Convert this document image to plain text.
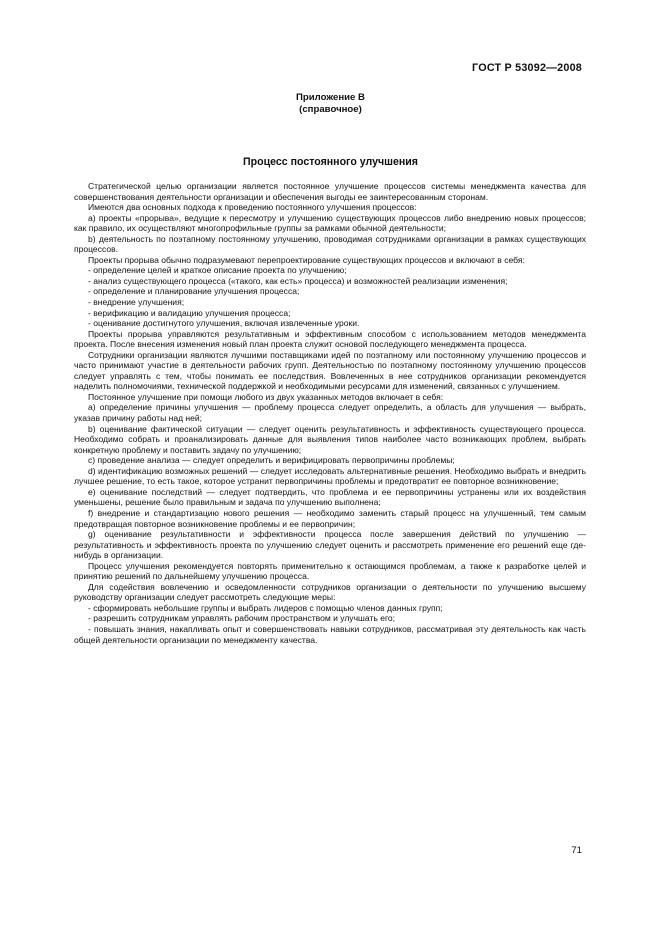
ГОСТ Р 53092—2008
Приложение В
(справочное)
Процесс постоянного улучшения

Стратегической целью организации является постоянное улучшение процессов системы менеджмента качества для совершенствования деятельности организации и обеспечения выгоды ее заинтересованным сторонам.

Имеются два основных подхода к проведению постоянного улучшения процессов:

a) проекты «прорыва», ведущие к пересмотру и улучшению существующих процессов либо внедрению новых процессов; как правило, их осуществляют многопрофильные группы за рамками обычной деятельности;

b) деятельность по поэтапному постоянному улучшению, проводимая сотрудниками организации в рамках существующих процессов.

Проекты прорыва обычно подразумевают перепроектирование существующих процессов и включают в себя:

- определение целей и краткое описание проекта по улучшению;

- анализ существующего процесса («такого, как есть» процесса) и возможностей реализации изменения;

- определение и планирование улучшения процесса;

- внедрение улучшения;

- верификацию и валидацию улучшения процесса;

- оценивание достигнутого улучшения, включая извлеченные уроки.

Проекты прорыва управляются результативным и эффективным способом с использованием методов менеджмента проекта. После внесения изменения новый план проекта служит основой последующего менеджмента процесса.

Сотрудники организации являются лучшими поставщиками идей по поэтапному или постоянному улучшению процессов и часто принимают участие в деятельности рабочих групп. Деятельностью по поэтапному постоянному улучшению процессов следует управлять с тем, чтобы понимать ее последствия. Вовлеченных в нее сотрудников организации рекомендуется наделить полномочиями, технической поддержкой и необходимыми ресурсами для изменений, связанных с улучшением.

Постоянное улучшение при помощи любого из двух указанных методов включает в себя:

a) определение причины улучшения — проблему процесса следует определить, а область для улучшения — выбрать, указав причину работы над ней;

b) оценивание фактической ситуации — следует оценить результативность и эффективность существующего процесса. Необходимо собрать и проанализировать данные для выявления типов наиболее часто возникающих проблем, выбрать конкретную проблему и поставить задачу по улучшению;

c) проведение анализа — следует определить и верифицировать первопричины проблемы;

d) идентификацию возможных решений — следует исследовать альтернативные решения. Необходимо выбрать и внедрить лучшее решение, то есть такое, которое устранит первопричины проблемы и предотвратит ее повторное возникновение;

e) оценивание последствий — следует подтвердить, что проблема и ее первопричины устранены или их воздействия уменьшены, решение было правильным и задача по улучшению выполнена;

f) внедрение и стандартизацию нового решения — необходимо заменить старый процесс на улучшенный, тем самым предотвращая повторное возникновение проблемы и ее первопричин;

g) оценивание результативности и эффективности процесса после завершения действий по улучшению — результативность и эффективность проекта по улучшению следует оценить и рассмотреть применение его решений еще где-нибудь в организации.

Процесс улучшения рекомендуется повторять применительно к остающимся проблемам, а также к разработке целей и принятию решений по дальнейшему улучшению процесса.

Для содействия вовлечению и осведомленности сотрудников организации о деятельности по улучшению высшему руководству организации следует рассмотреть следующие меры:

- сформировать небольшие группы и выбрать лидеров с помощью членов данных групп;

- разрешить сотрудникам управлять рабочим пространством и улучшать его;

- повышать знания, накапливать опыт и совершенствовать навыки сотрудников, рассматривая эту деятельность как часть общей деятельности организации по менеджменту качества.

71
